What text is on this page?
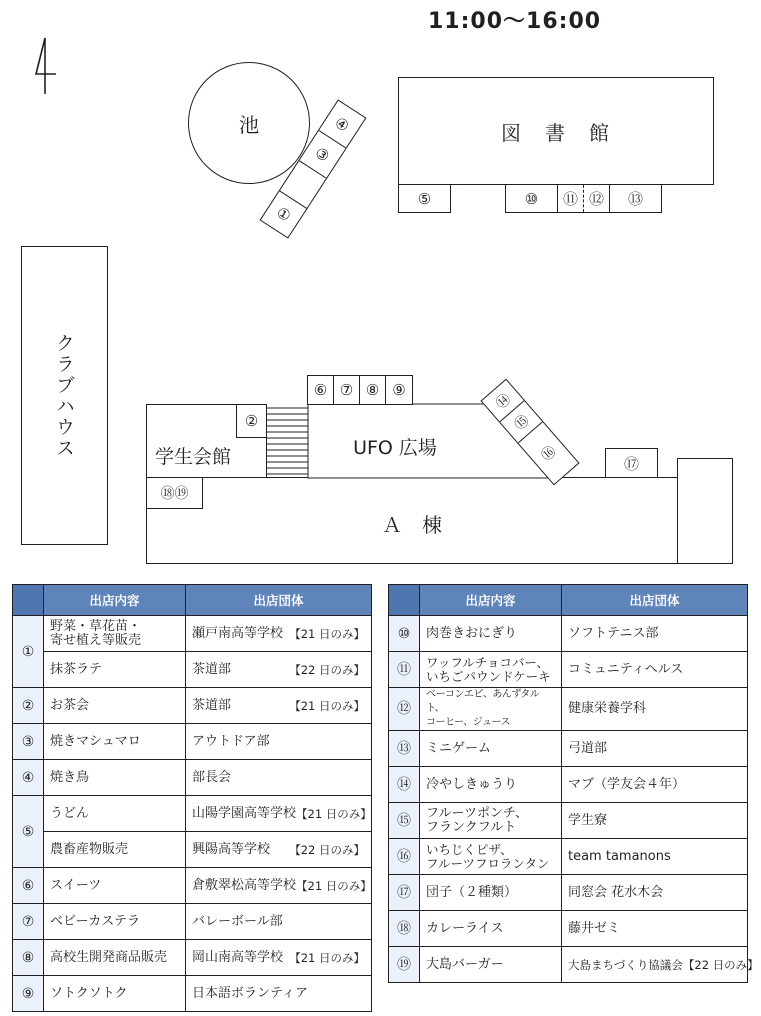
11:00〜16:00
池	④
③
①
図　書　館
⑤	⑩	⑪ ⑫	⑬
クラブハウス
Ａ　棟
⑰
学生会館
②
⑱⑲
UFO 広場
⑥ ⑦ ⑧ ⑨
⑭
⑮
⑯
	出店内容	出店団体
①	野菜・草花苗・
寄せ植え等販売	瀬戸南高等学校 【21 日のみ】

	抹茶ラテ	茶道部 【22 日のみ】

②	お茶会	茶道部 【21 日のみ】

③	焼きマシュマロ	アウトドア部
④	焼き鳥	部長会
⑤	うどん	山陽学園高等学校 【21 日のみ】

	農畜産物販売	興陽高等学校 【22 日のみ】

⑥	スイーツ	倉敷翠松高等学校 【21 日のみ】

⑦	ベビーカステラ	バレーボール部
⑧	高校生開発商品販売	岡山南高等学校 【21 日のみ】

⑨	ソトクソトク	日本語ボランティア
	出店内容	出店団体
⑩	肉巻きおにぎり	ソフトテニス部
⑪	ワッフルチョコバー、
いちごパウンドケーキ	コミュニティヘルス
⑫	ベーコンエピ、あんずタルト、
コーヒー、ジュース	健康栄養学科
⑬	ミニゲーム	弓道部
⑭	冷やしきゅうり	マブ（学友会４年）
⑮	フルーツポンチ、
フランクフルト	学生寮
⑯	いちじくピザ、
フルーツフロランタン	team tamanons
⑰	団子（２種類）	同窓会 花水木会
⑱	カレーライス	藤井ゼミ
⑲	大島バーガー	大島まちづくり協議会 【22 日のみ】
